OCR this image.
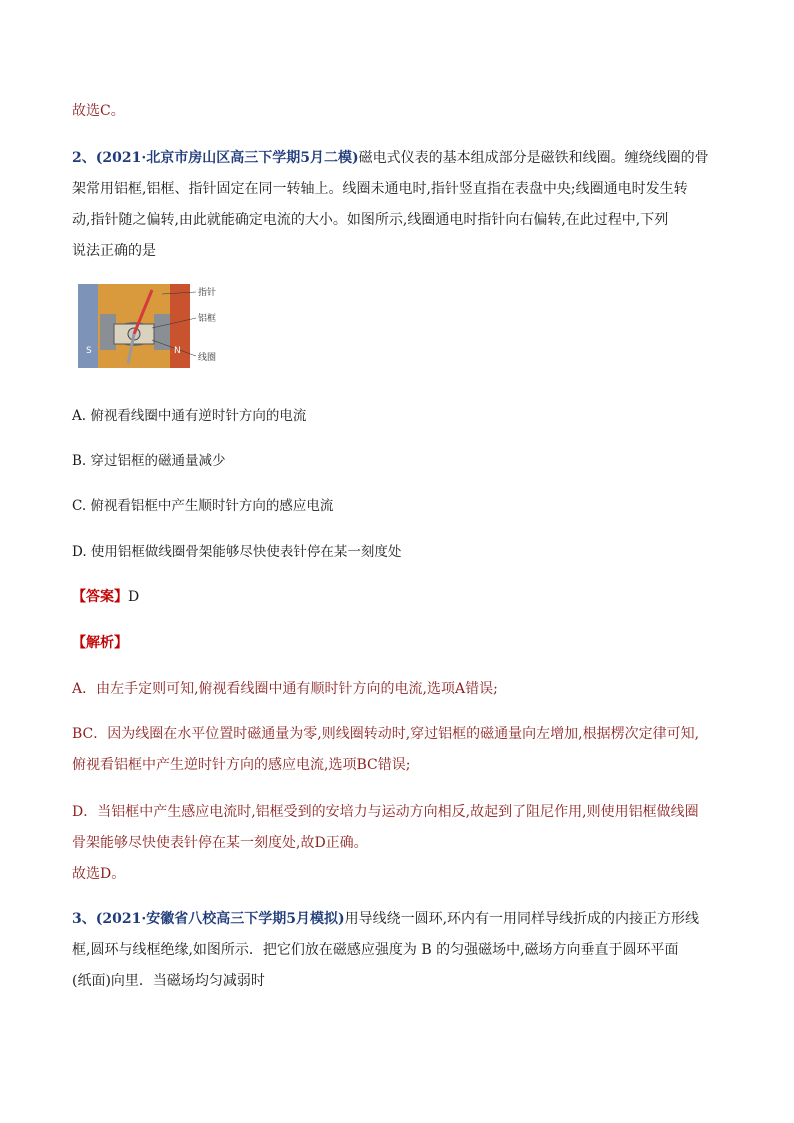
故选C。
2、(2021·北京市房山区高三下学期5月二模)磁电式仪表的基本组成部分是磁铁和线圈。缠绕线圈的骨
架常用铝框,铝框、指针固定在同一转轴上。线圈未通电时,指针竖直指在表盘中央;线圈通电时发生转
动,指针随之偏转,由此就能确定电流的大小。如图所示,线圈通电时指针向右偏转,在此过程中,下列
说法正确的是
S	N
指针
铝框
线圈
A. 俯视看线圈中通有逆时针方向的电流
B. 穿过铝框的磁通量减少
C. 俯视看铝框中产生顺时针方向的感应电流
D. 使用铝框做线圈骨架能够尽快使表针停在某一刻度处
【答案】D
【解析】
A．由左手定则可知,俯视看线圈中通有顺时针方向的电流,选项A错误;
BC．因为线圈在水平位置时磁通量为零,则线圈转动时,穿过铝框的磁通量向左增加,根据楞次定律可知,
俯视看铝框中产生逆时针方向的感应电流,选项BC错误;
D．当铝框中产生感应电流时,铝框受到的安培力与运动方向相反,故起到了阻尼作用,则使用铝框做线圈
骨架能够尽快使表针停在某一刻度处,故D正确。
故选D。
3、(2021·安徽省八校高三下学期5月模拟)用导线绕一圆环,环内有一用同样导线折成的内接正方形线
框,圆环与线框绝缘,如图所示．把它们放在磁感应强度为 B 的匀强磁场中,磁场方向垂直于圆环平面
(纸面)向里．当磁场均匀减弱时
